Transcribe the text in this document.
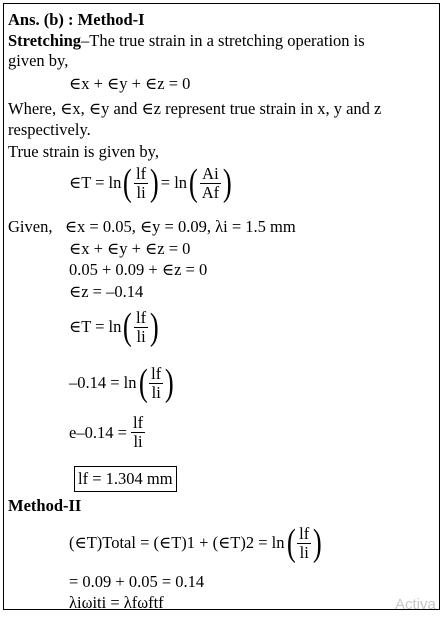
Ans. (b) : Method-I
Stretching–The true strain in a stretching operation is
given by,
∈x + ∈y + ∈z = 0
Where, ∈x, ∈y and ∈z represent true strain in x, y and z
respectively.
True strain is given by,
∈T = ln ( $\frac{lf}{li}$ ) = ln ( $\frac{Ai}{Af}$ )
Given, ∈x = 0.05, ∈y = 0.09, λi = 1.5 mm
∈x + ∈y + ∈z = 0
0.05 + 0.09 + ∈z = 0
∈z = –0.14
∈T = ln ( $\frac{lf}{li}$ )
–0.14 = ln ( $\frac{lf}{li}$ )
e–0.14 =
$\frac{lf}{li}$
lf = 1.304 mm
Method-II
(∈T)Total = (∈T)1 + (∈T)2 = ln ( $\frac{lf}{li}$ )
= 0.09 + 0.05 = 0.14
λiωiti = λfωftf	Activa
